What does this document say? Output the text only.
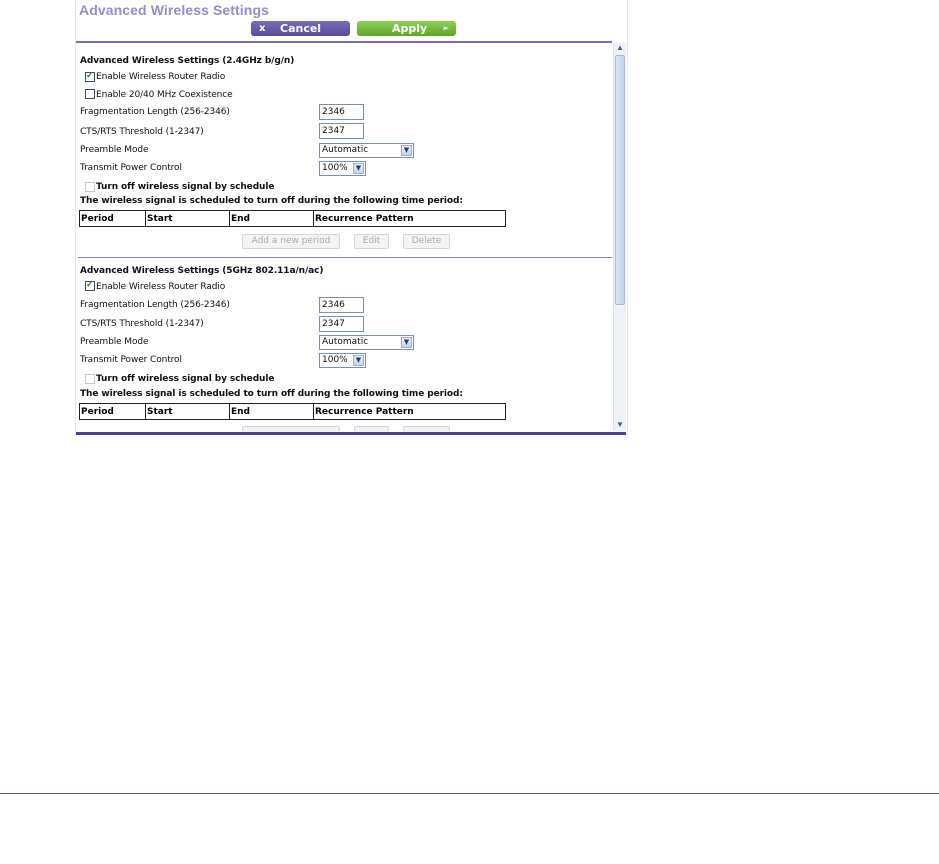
Advanced Wireless Settings
x Cancel	Apply ►
Advanced Wireless Settings (2.4GHz b/g/n)
✓
Enable Wireless Router Radio
Enable 20/40 MHz Coexistence
Fragmentation Length (256-2346)	2346
CTS/RTS Threshold (1-2347)	2347
Preamble Mode	Automatic	▼
Transmit Power Control	100%	▼
Turn off wireless signal by schedule
The wireless signal is scheduled to turn off during the following time period:
Period	Start	End	Recurrence Pattern
Add a new period	Edit	Delete
Advanced Wireless Settings (5GHz 802.11a/n/ac)
✓
Enable Wireless Router Radio
Fragmentation Length (256-2346)	2346
CTS/RTS Threshold (1-2347)	2347
Preamble Mode	Automatic	▼
Transmit Power Control	100%	▼
Turn off wireless signal by schedule
The wireless signal is scheduled to turn off during the following time period:
Period	Start	End	Recurrence Pattern
▲
▼
